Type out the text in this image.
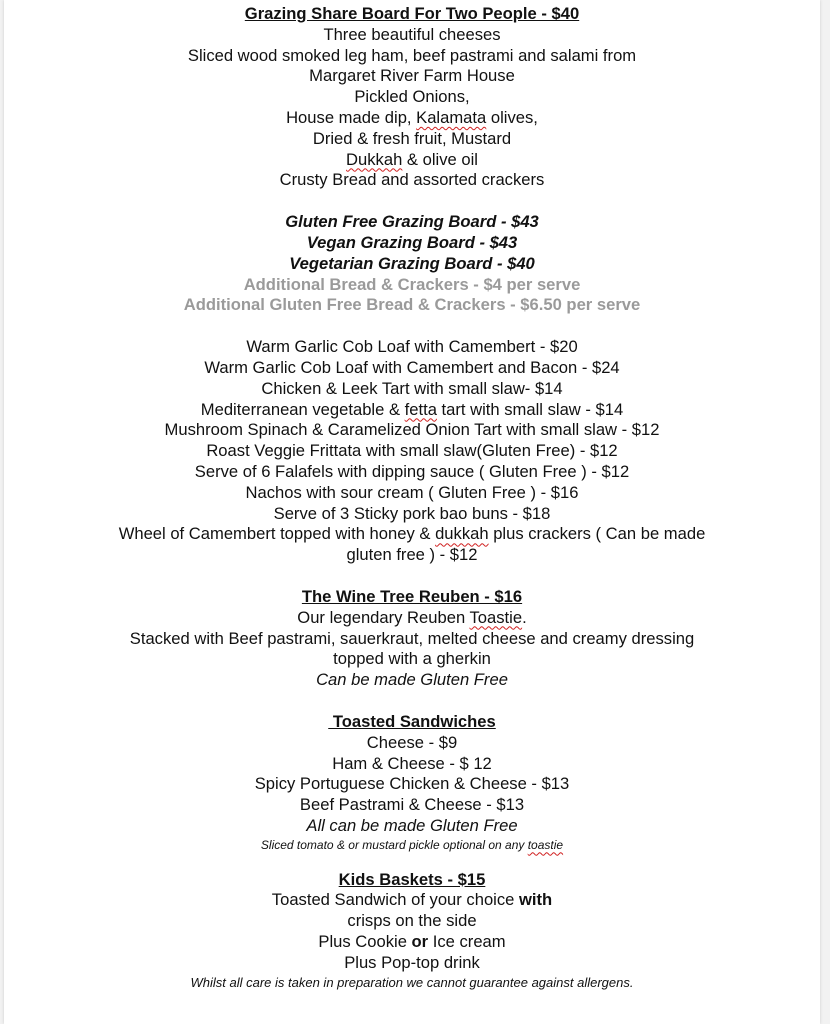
Grazing Share Board For Two People - $40
Three beautiful cheeses
Sliced wood smoked leg ham, beef pastrami and salami from
Margaret River Farm House
Pickled Onions,
House made dip, Kalamata olives,
Dried & fresh fruit, Mustard
Dukkah & olive oil
Crusty Bread and assorted crackers
Gluten Free Grazing Board - $43
Vegan Grazing Board - $43
Vegetarian Grazing Board - $40
Additional Bread & Crackers - $4 per serve
Additional Gluten Free Bread & Crackers - $6.50 per serve
Warm Garlic Cob Loaf with Camembert - $20
Warm Garlic Cob Loaf with Camembert and Bacon - $24
Chicken & Leek Tart with small slaw- $14
Mediterranean vegetable & fetta tart with small slaw - $14
Mushroom Spinach & Caramelized Onion Tart with small slaw - $12
Roast Veggie Frittata with small slaw(Gluten Free) - $12
Serve of 6 Falafels with dipping sauce ( Gluten Free ) - $12
Nachos with sour cream ( Gluten Free ) - $16
Serve of 3 Sticky pork bao buns - $18
Wheel of Camembert topped with honey & dukkah plus crackers ( Can be made
gluten free ) - $12
The Wine Tree Reuben - $16
Our legendary Reuben Toastie.
Stacked with Beef pastrami, sauerkraut, melted cheese and creamy dressing
topped with a gherkin
Can be made Gluten Free
Toasted Sandwiches
Cheese - $9
Ham & Cheese - $ 12
Spicy Portuguese Chicken & Cheese - $13
Beef Pastrami & Cheese - $13
All can be made Gluten Free
Sliced tomato & or mustard pickle optional on any toastie
Kids Baskets - $15
Toasted Sandwich of your choice with
crisps on the side
Plus Cookie or Ice cream
Plus Pop-top drink
Whilst all care is taken in preparation we cannot guarantee against allergens.
